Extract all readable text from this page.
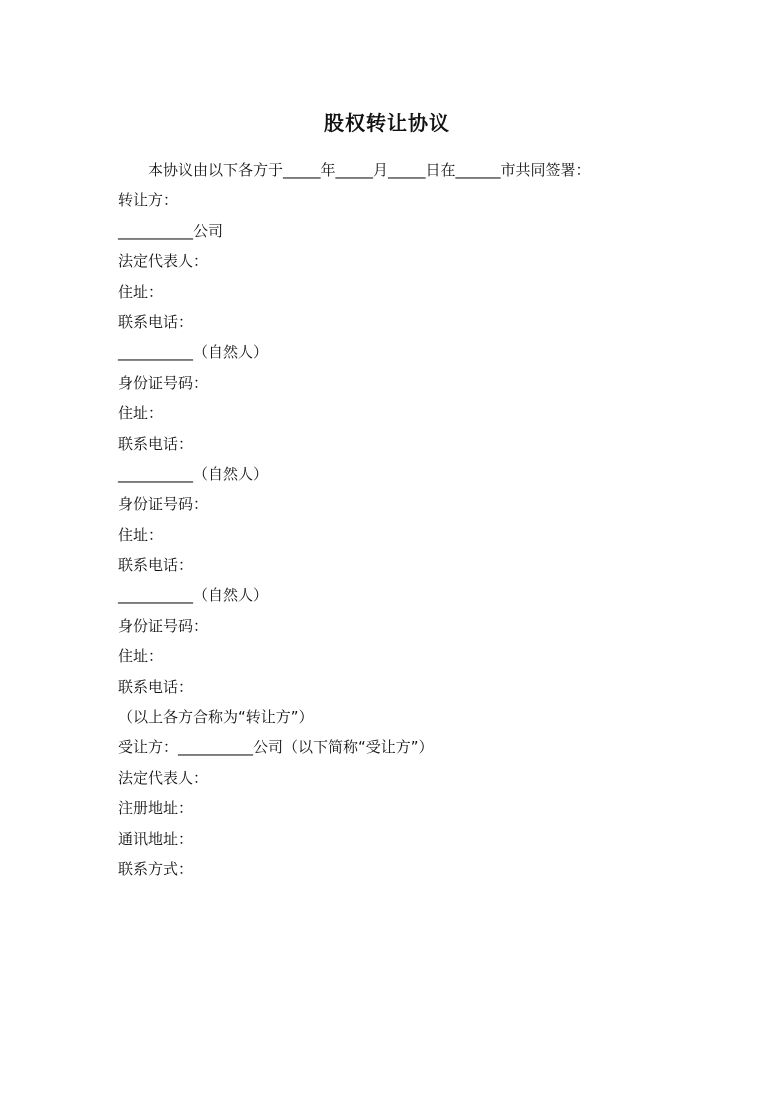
股权转让协议
本协议由以下各方于_____年_____月_____日在______市共同签署：
转让方：
__________公司
法定代表人：
住址：
联系电话：
__________（自然人）
身份证号码：
住址：
联系电话：
__________（自然人）
身份证号码：
住址：
联系电话：
__________（自然人）
身份证号码：
住址：
联系电话：
（以上各方合称为“转让方”）
受让方：__________公司（以下简称“受让方”）
法定代表人：
注册地址：
通讯地址：
联系方式：
